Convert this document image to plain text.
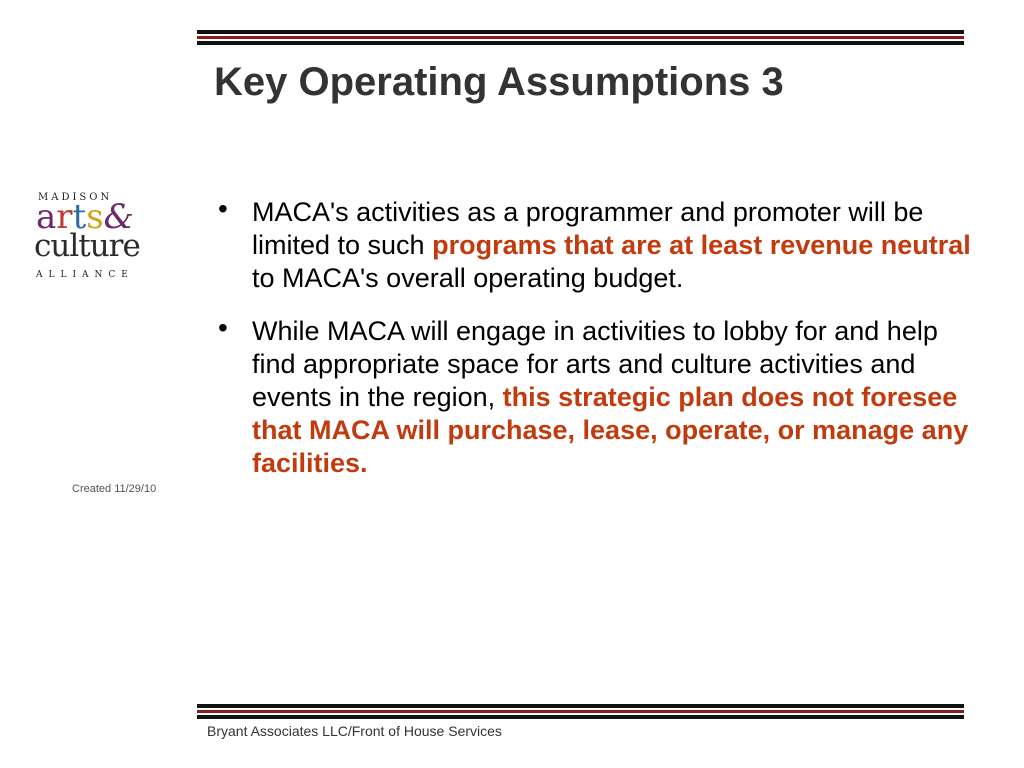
Key Operating Assumptions 3
MADISON
arts&
culture
ALLIANCE
Created 11/29/10
• MACA's activities as a programmer and promoter will be limited to such programs that are at least revenue neutral to MACA's overall operating budget.
• While MACA will engage in activities to lobby for and help find appropriate space for arts and culture activities and events in the region, this strategic plan does not foresee that MACA will purchase, lease, operate, or manage any facilities.
Bryant Associates LLC/Front of House Services
